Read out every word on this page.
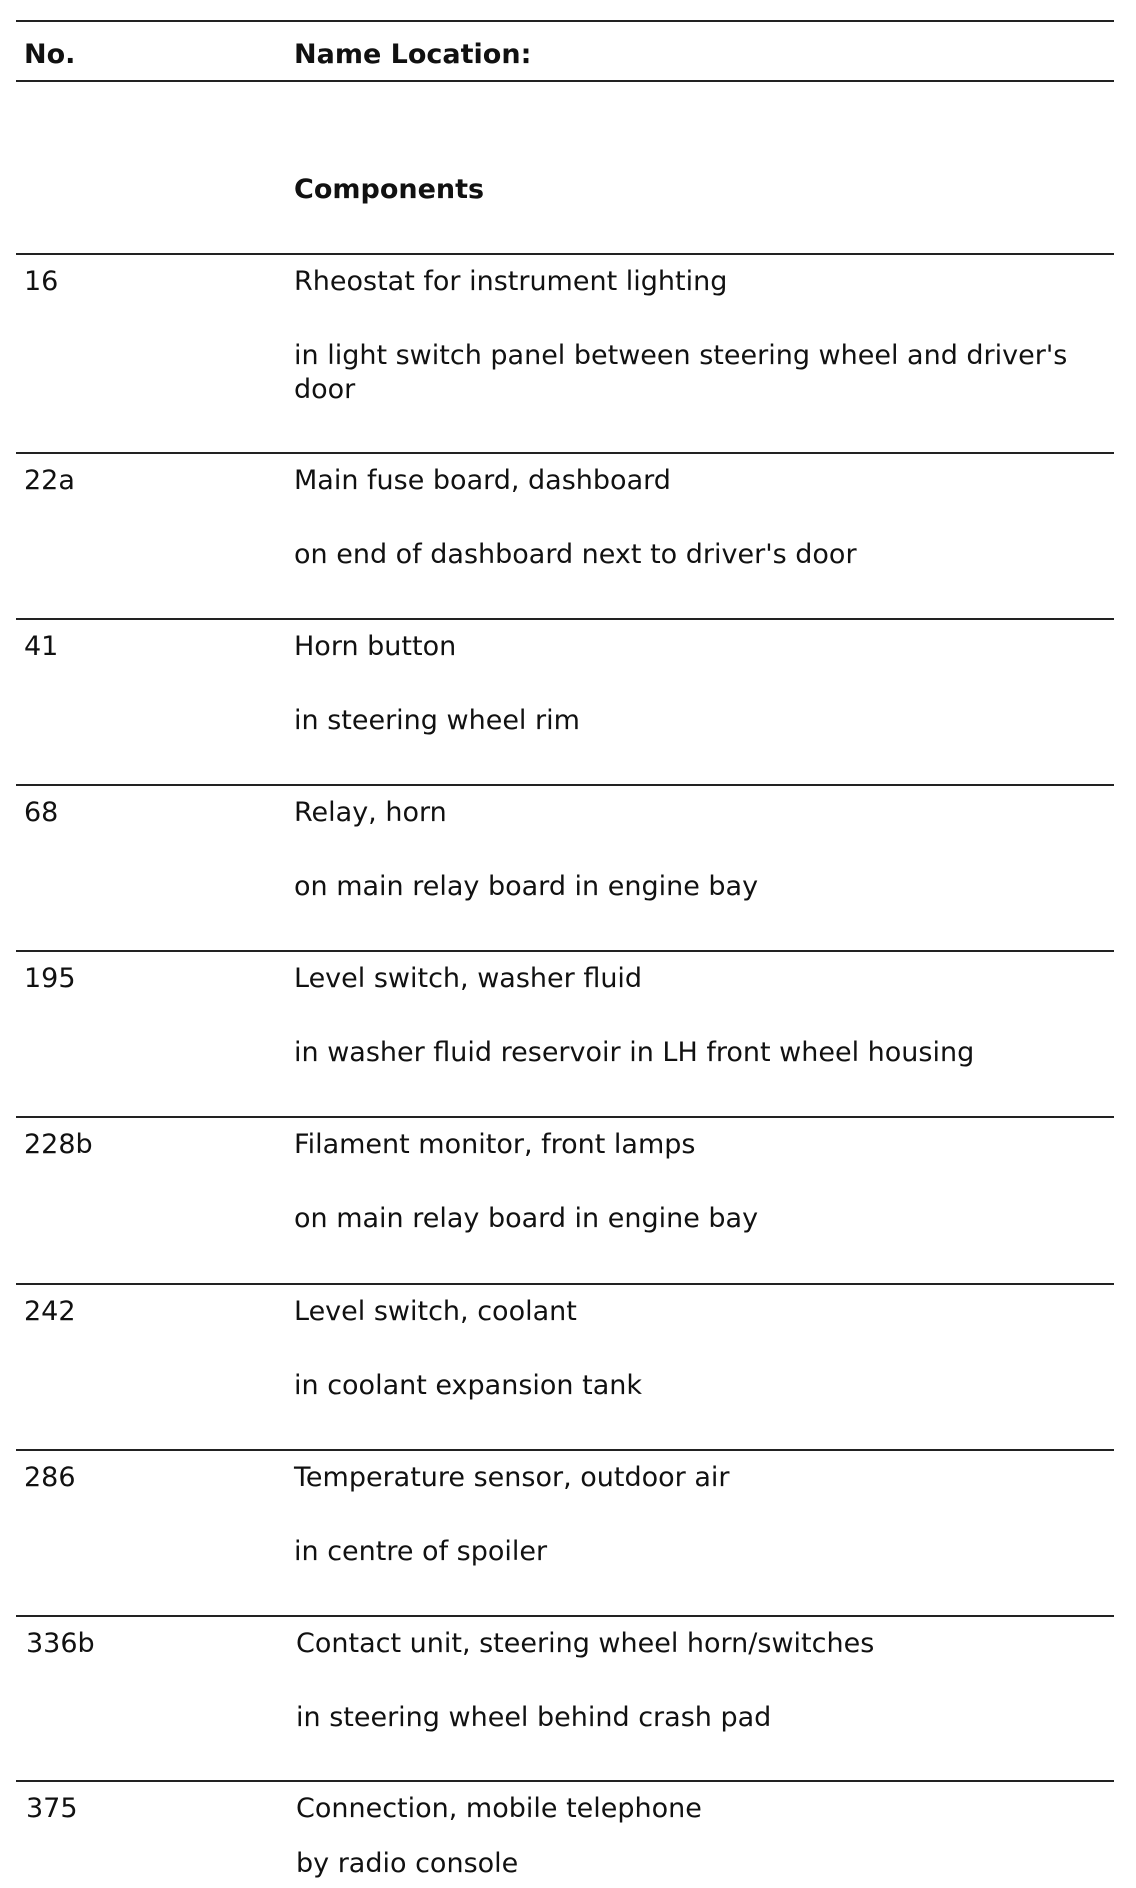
No.	Name Location:
Components
16	Rheostat for instrument lighting
in light switch panel between steering wheel and driver's door
22a	Main fuse board, dashboard
on end of dashboard next to driver's door
41	Horn button
in steering wheel rim
68	Relay, horn
on main relay board in engine bay
195	Level switch, washer fluid
in washer fluid reservoir in LH front wheel housing
228b	Filament monitor, front lamps
on main relay board in engine bay
242	Level switch, coolant
in coolant expansion tank
286	Temperature sensor, outdoor air
in centre of spoiler
336b	Contact unit, steering wheel horn/switches
in steering wheel behind crash pad
375	Connection, mobile telephone
by radio console
